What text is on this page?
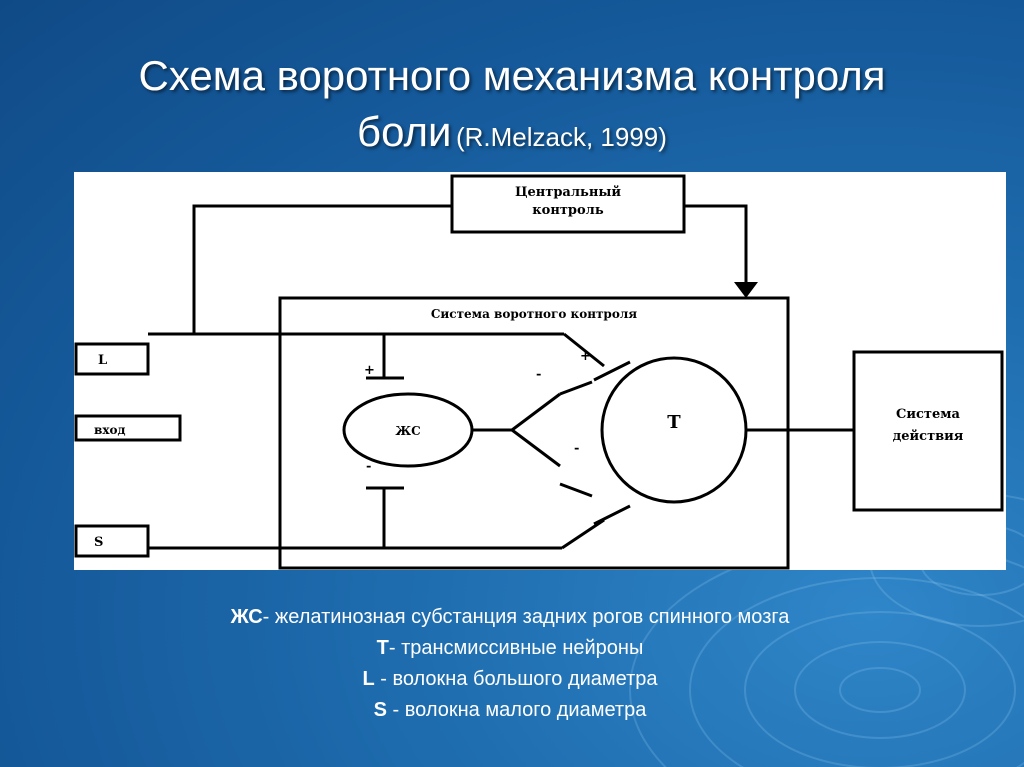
Схема воротного механизма контроля
боли (R.Melzack, 1999)
Центральный
контроль
Система воротного контроля
L
вход
S
ЖС	Т	Система
действия
+
-
+
-
-
ЖС- желатинозная субстанция задних рогов спинного мозга
Т- трансмиссивные нейроны
L - волокна большого диаметра
S - волокна малого диаметра
